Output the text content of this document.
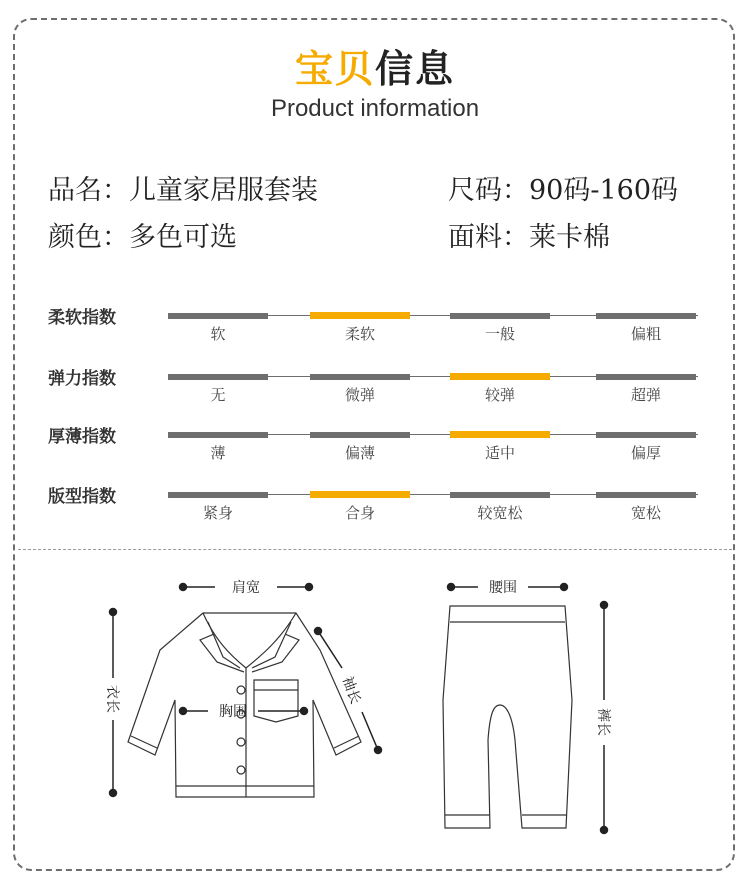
宝贝信息
Product information
品名：儿童家居服套装	尺码：90码-160码
颜色：多色可选	面料：莱卡棉
柔软指数
软	柔软	一般	偏粗
弹力指数
无	微弹	较弹	超弹
厚薄指数
薄	偏薄	适中	偏厚
版型指数
紧身	合身	较宽松	宽松
肩宽
胸围
腰围
衣长	袖长
裤长
